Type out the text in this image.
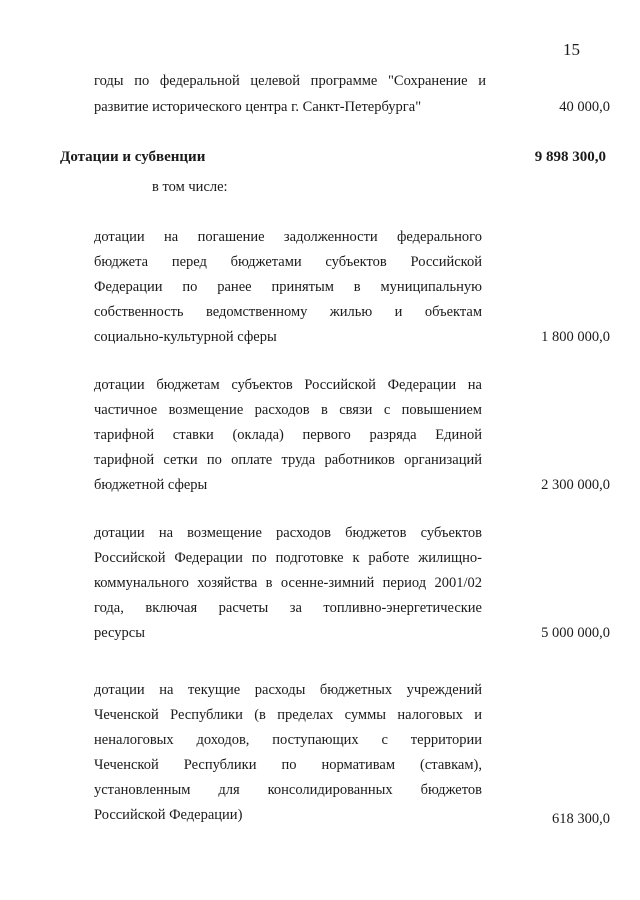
15
годы по федеральной целевой программе "Сохранение и
развитие исторического центра г. Санкт-Петербурга"	40 000,0
Дотации и субвенции	9 898 300,0
в том числе:
дотации на погашение задолженности федерального
бюджета перед бюджетами субъектов Российской
Федерации по ранее принятым в муниципальную
собственность ведомственному жилью и объектам
социально-культурной сферы	1 800 000,0
дотации бюджетам субъектов Российской Федерации на
частичное возмещение расходов в связи с повышением
тарифной ставки (оклада) первого разряда Единой
тарифной сетки по оплате труда работников организаций
бюджетной сферы	2 300 000,0
дотации на возмещение расходов бюджетов субъектов
Российской Федерации по подготовке к работе жилищно-
коммунального хозяйства в осенне-зимний период 2001/02
года, включая расчеты за топливно-энергетические
ресурсы	5 000 000,0
дотации на текущие расходы бюджетных учреждений
Чеченской Республики (в пределах суммы налоговых и
неналоговых доходов, поступающих с территории
Чеченской Республики по нормативам (ставкам),
установленным для консолидированных бюджетов
Российской Федерации)	618 300,0
